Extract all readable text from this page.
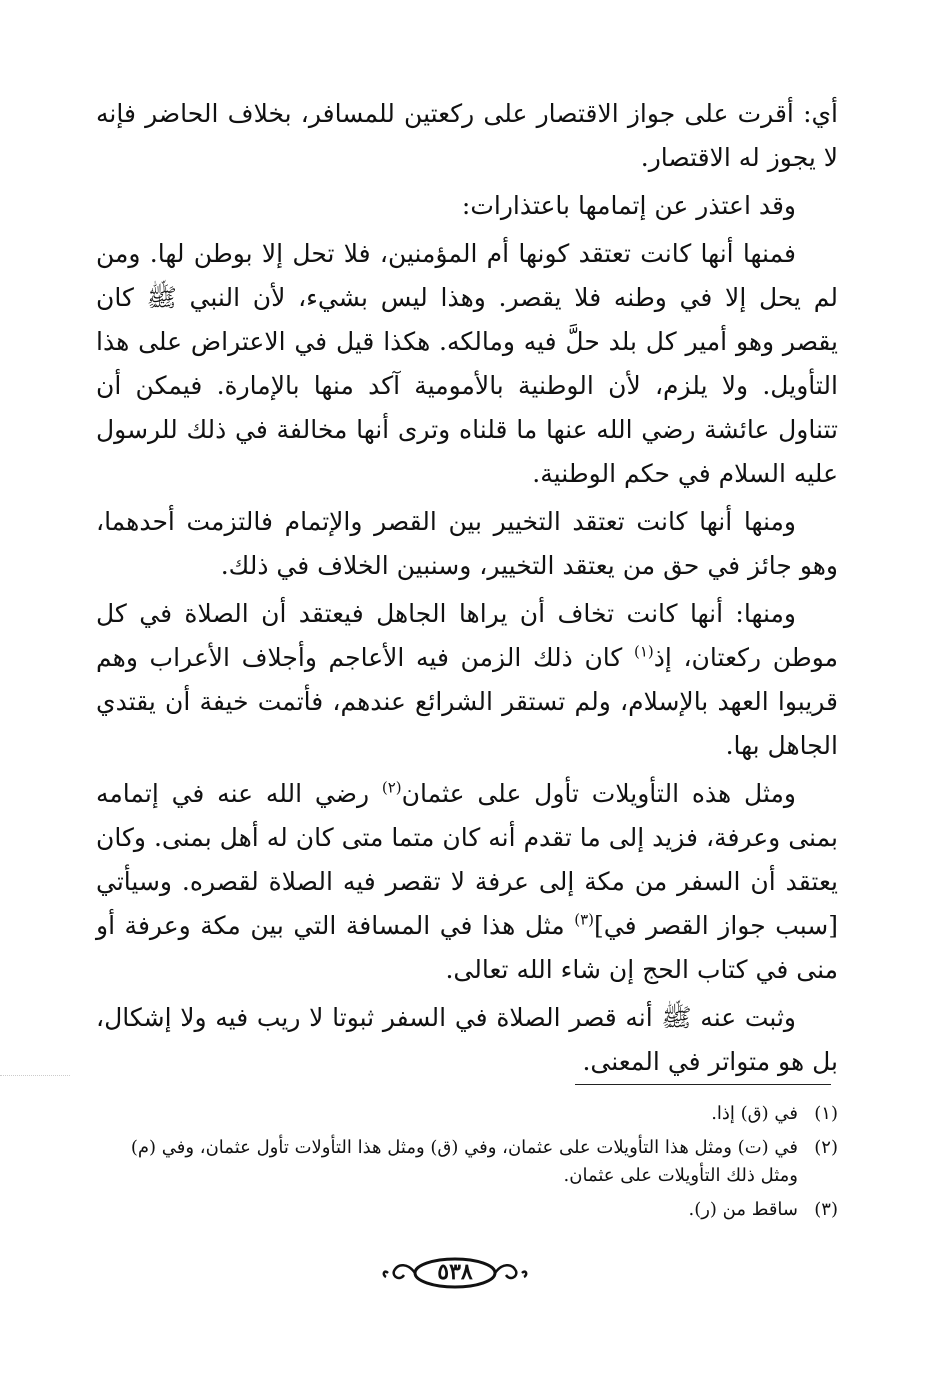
أي: أقرت على جواز الاقتصار على ركعتين للمسافر، بخلاف الحاضر فإنه لا يجوز له الاقتصار.

وقد اعتذر عن إتمامها باعتذارات:

فمنها أنها كانت تعتقد كونها أم المؤمنين، فلا تحل إلا بوطن لها. ومن لم يحل إلا في وطنه فلا يقصر. وهذا ليس بشيء، لأن النبي ﷺ كان يقصر وهو أمير كل بلد حلَّ فيه ومالكه. هكذا قيل في الاعتراض على هذا التأويل. ولا يلزم، لأن الوطنية بالأمومية آكد منها بالإمارة. فيمكن أن تتناول عائشة رضي الله عنها ما قلناه وترى أنها مخالفة في ذلك للرسول عليه السلام في حكم الوطنية.

ومنها أنها كانت تعتقد التخيير بين القصر والإتمام فالتزمت أحدهما، وهو جائز في حق من يعتقد التخيير، وسنبين الخلاف في ذلك.

ومنها: أنها كانت تخاف أن يراها الجاهل فيعتقد أن الصلاة في كل موطن ركعتان، إذ$^{(١)}$ كان ذلك الزمن فيه الأعاجم وأجلاف الأعراب وهم قريبوا العهد بالإسلام، ولم تستقر الشرائع عندهم، فأتمت خيفة أن يقتدي الجاهل بها.

ومثل هذه التأويلات تأول على عثمان$^{(٢)}$ رضي الله عنه في إتمامه بمنى وعرفة، فزيد إلى ما تقدم أنه كان متما متى كان له أهل بمنى. وكان يعتقد أن السفر من مكة إلى عرفة لا تقصر فيه الصلاة لقصره. وسيأتي [سبب جواز القصر في]$^{(٣)}$ مثل هذا في المسافة التي بين مكة وعرفة أو منى في كتاب الحج إن شاء الله تعالى.

وثبت عنه ﷺ أنه قصر الصلاة في السفر ثبوتا لا ريب فيه ولا إشكال، بل هو متواتر في المعنى.

(١)
في (ق) إذا.
(٢)
في (ت) ومثل هذا التأويلات على عثمان، وفي (ق) ومثل هذا التأولات تأول عثمان، وفي (م) ومثل ذلك التأويلات على عثمان.
(٣)
ساقط من (ر).
٥٣٨
